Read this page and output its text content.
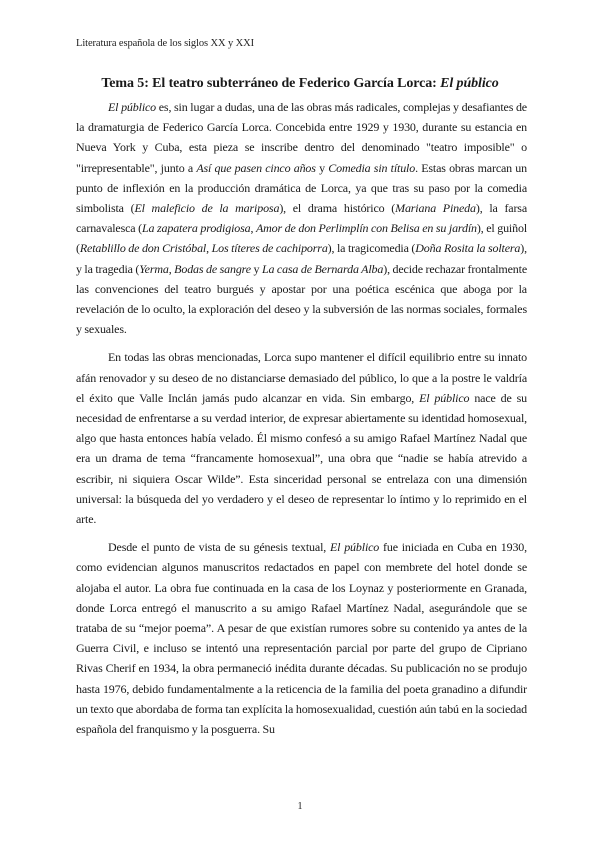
Literatura española de los siglos XX y XXI
Tema 5: El teatro subterráneo de Federico García Lorca: El público

El público es, sin lugar a dudas, una de las obras más radicales, complejas y desafiantes de la dramaturgia de Federico García Lorca. Concebida entre 1929 y 1930, durante su estancia en Nueva York y Cuba, esta pieza se inscribe dentro del denominado "teatro imposible" o "irrepresentable", junto a Así que pasen cinco años y Comedia sin título. Estas obras marcan un punto de inflexión en la producción dramática de Lorca, ya que tras su paso por la comedia simbolista (El maleficio de la mariposa), el drama histórico (Mariana Pineda), la farsa carnavalesca (La zapatera prodigiosa, Amor de don Perlimplín con Belisa en su jardín), el guiñol (Retablillo de don Cristóbal, Los títeres de cachiporra), la tragicomedia (Doña Rosita la soltera), y la tragedia (Yerma, Bodas de sangre y La casa de Bernarda Alba), decide rechazar frontalmente las convenciones del teatro burgués y apostar por una poética escénica que aboga por la revelación de lo oculto, la exploración del deseo y la subversión de las normas sociales, formales y sexuales.

En todas las obras mencionadas, Lorca supo mantener el difícil equilibrio entre su innato afán renovador y su deseo de no distanciarse demasiado del público, lo que a la postre le valdría el éxito que Valle Inclán jamás pudo alcanzar en vida. Sin embargo, El público nace de su necesidad de enfrentarse a su verdad interior, de expresar abiertamente su identidad homosexual, algo que hasta entonces había velado. Él mismo confesó a su amigo Rafael Martínez Nadal que era un drama de tema “francamente homosexual”, una obra que “nadie se había atrevido a escribir, ni siquiera Oscar Wilde”. Esta sinceridad personal se entrelaza con una dimensión universal: la búsqueda del yo verdadero y el deseo de representar lo íntimo y lo reprimido en el arte.

Desde el punto de vista de su génesis textual, El público fue iniciada en Cuba en 1930, como evidencian algunos manuscritos redactados en papel con membrete del hotel donde se alojaba el autor. La obra fue continuada en la casa de los Loynaz y posteriormente en Granada, donde Lorca entregó el manuscrito a su amigo Rafael Martínez Nadal, asegurándole que se trataba de su “mejor poema”. A pesar de que existían rumores sobre su contenido ya antes de la Guerra Civil, e incluso se intentó una representación parcial por parte del grupo de Cipriano Rivas Cherif en 1934, la obra permaneció inédita durante décadas. Su publicación no se produjo hasta 1976, debido fundamentalmente a la reticencia de la familia del poeta granadino a difundir un texto que abordaba de forma tan explícita la homosexualidad, cuestión aún tabú en la sociedad española del franquismo y la posguerra. Su

1
